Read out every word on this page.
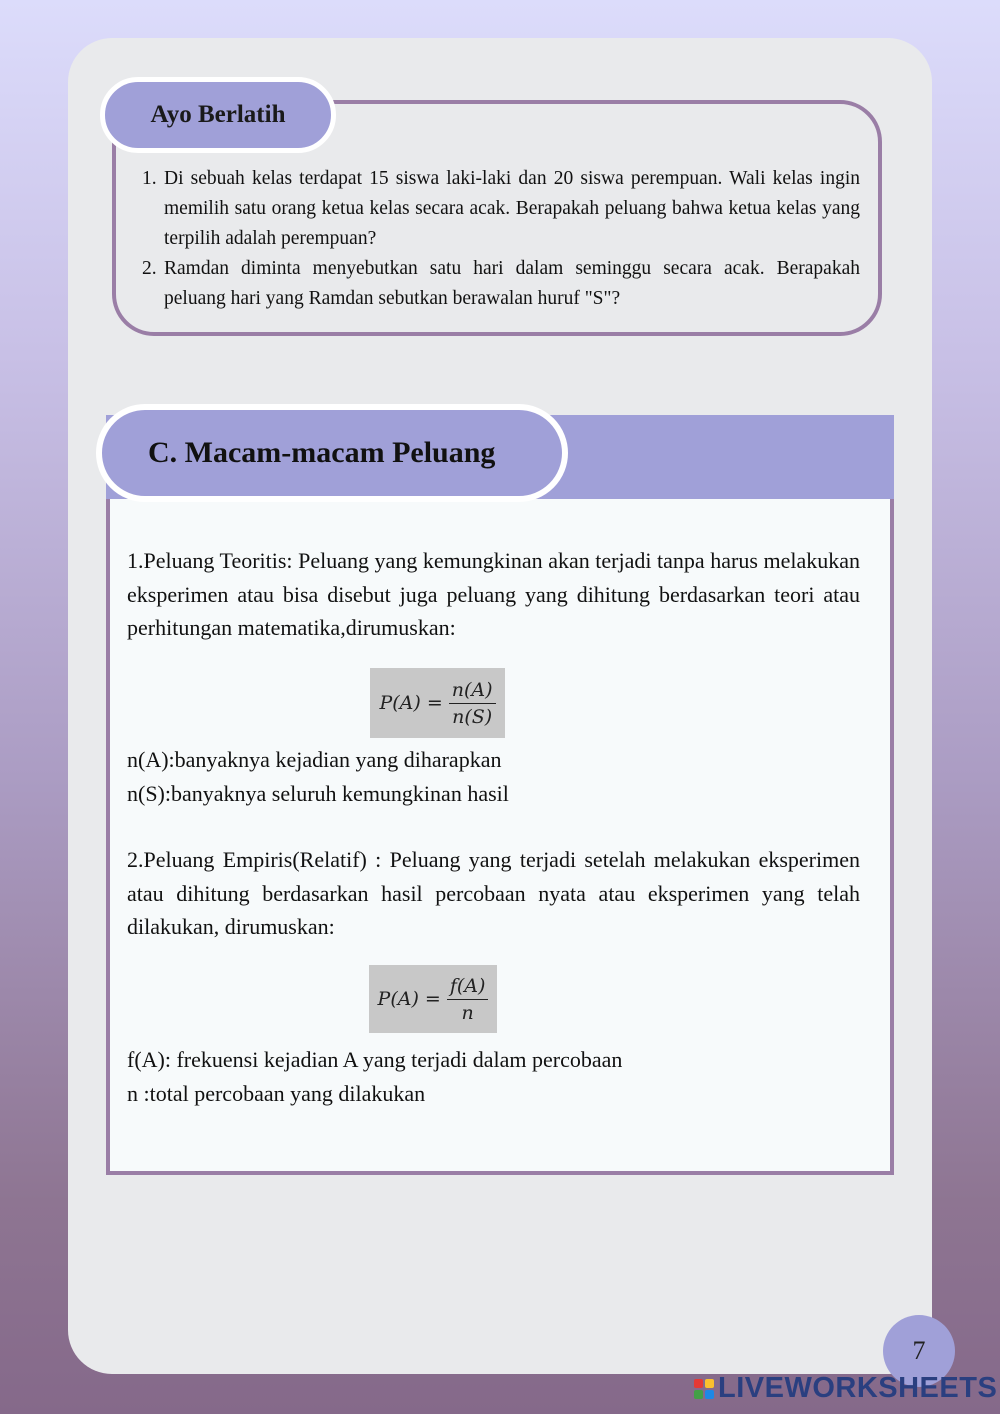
Ayo Berlatih
1. Di sebuah kelas terdapat 15 siswa laki-laki dan 20 siswa perempuan. Wali kelas ingin memilih satu orang ketua kelas secara acak. Berapakah peluang bahwa ketua kelas yang terpilih adalah perempuan?
2. Ramdan diminta menyebutkan satu hari dalam seminggu secara acak. Berapakah peluang hari yang Ramdan sebutkan berawalan huruf "S"?
C. Macam-macam Peluang

1.Peluang Teoritis: Peluang yang kemungkinan akan terjadi tanpa harus melakukan eksperimen atau bisa disebut juga peluang yang dihitung berdasarkan teori atau perhitungan matematika,dirumuskan:

$P(A) = \frac{n(A)}{n(S)}$

n(A):banyaknya kejadian yang diharapkan

n(S):banyaknya seluruh kemungkinan hasil

2.Peluang Empiris(Relatif) : Peluang yang terjadi setelah melakukan eksperimen atau dihitung berdasarkan hasil percobaan nyata atau eksperimen yang telah dilakukan, dirumuskan:

$P(A) = \frac{f(A)}{n}$

f(A): frekuensi kejadian A yang terjadi dalam percobaan

n :total percobaan yang dilakukan

7
LIVEWORKSHEETS
